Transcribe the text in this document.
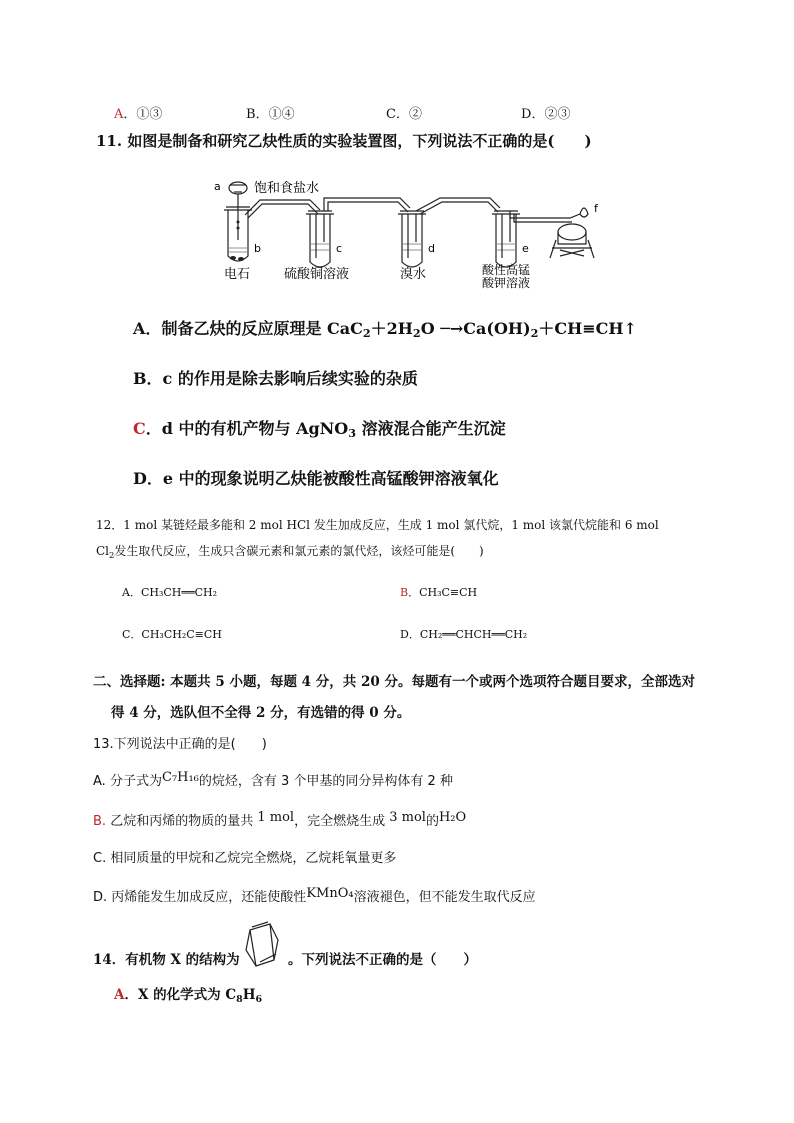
A．①③	B．①④	C．②	D．②③
11. 如图是制备和研究乙炔性质的实验装置图，下列说法不正确的是(　　)
a	饱和食盐水
b	c	d	e
f
电石	硫酸铜溶液	溴水	酸性高锰
酸钾溶液
A．制备乙炔的反应原理是 $CaC_2+2H_2O$ $─\to Ca(OH)_2+CH\equiv CH↑$
B．c 的作用是除去影响后续实验的杂质
C．d 中的有机产物与 AgNO$_3$ 溶液混合能产生沉淀
D．e 中的现象说明乙炔能被酸性高锰酸钾溶液氧化
12．1 mol 某链烃最多能和 2 mol HCl 发生加成反应，生成 1 mol 氯代烷，1 mol 该氯代烷能和 6 mol
$Cl_2$发生取代反应，生成只含碳元素和氯元素的氯代烃，该烃可能是(　　)
A．CH₃CH══CH₂	B．CH₃C≡CH
C．CH₃CH₂C≡CH	D．CH₂══CHCH══CH₂
二、选择题: 本题共 5 小题，每题 4 分，共 20 分。每题有一个或两个选项符合题目要求，全部选对
得 4 分，选队但不全得 2 分，有选错的得 0 分。
13.下列说法中正确的是(　　)
A. 分子式为C₇H₁₆的烷烃，含有 3 个甲基的同分异构体有 2 种
B. 乙烷和丙烯的物质的量共 1 mol，完全燃烧生成 3 mol的H₂O
C. 相同质量的甲烷和乙烷完全燃烧，乙烷耗氧量更多
D. 丙烯能发生加成反应，还能使酸性KMnO₄溶液褪色，但不能发生取代反应
14．有机物 X 的结构为	。下列说法不正确的是（　　）
A．X 的化学式为 $C_8H_6$
